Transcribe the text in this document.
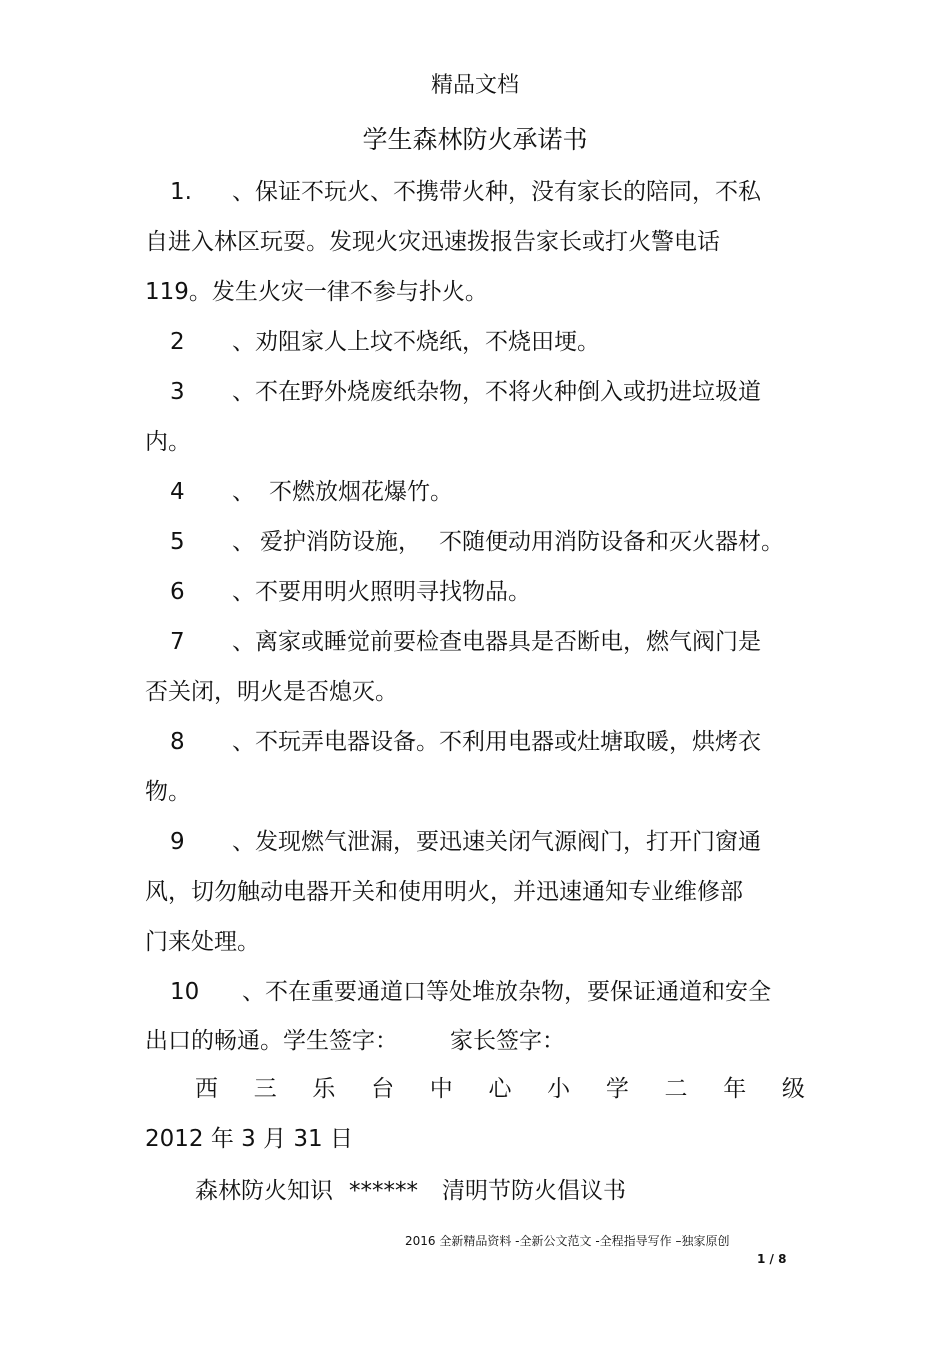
精品文档
学生森林防火承诺书
1. 、保证不玩火、不携带火种，没有家长的陪同，不私
自进入林区玩耍。发现火灾迅速拨报告家长或打火警电话
119。发生火灾一律不参与扑火。
2 、劝阻家人上坟不烧纸，不烧田埂。
3 、不在野外烧废纸杂物，不将火种倒入或扔进垃圾道
内。
4 、 不燃放烟花爆竹。
5 、 爱护消防设施， 不随便动用消防设备和灭火器材。
6 、不要用明火照明寻找物品。
7 、离家或睡觉前要检查电器具是否断电，燃气阀门是
否关闭，明火是否熄灭。
8 、不玩弄电器设备。不利用电器或灶塘取暖，烘烤衣
物。
9 、发现燃气泄漏，要迅速关闭气源阀门，打开门窗通
风，切勿触动电器开关和使用明火，并迅速通知专业维修部
门来处理。
10 、不在重要通道口等处堆放杂物，要保证通道和安全
出口的畅通。学生签字： 家长签字：
西 三 乐 台 中 心 小 学 二 年 级
2012 年 3 月 31 日
森林防火知识 ****** 清明节防火倡议书
2016 全新精品资料 -全新公文范文 -全程指导写作 –独家原创
1 / 8
